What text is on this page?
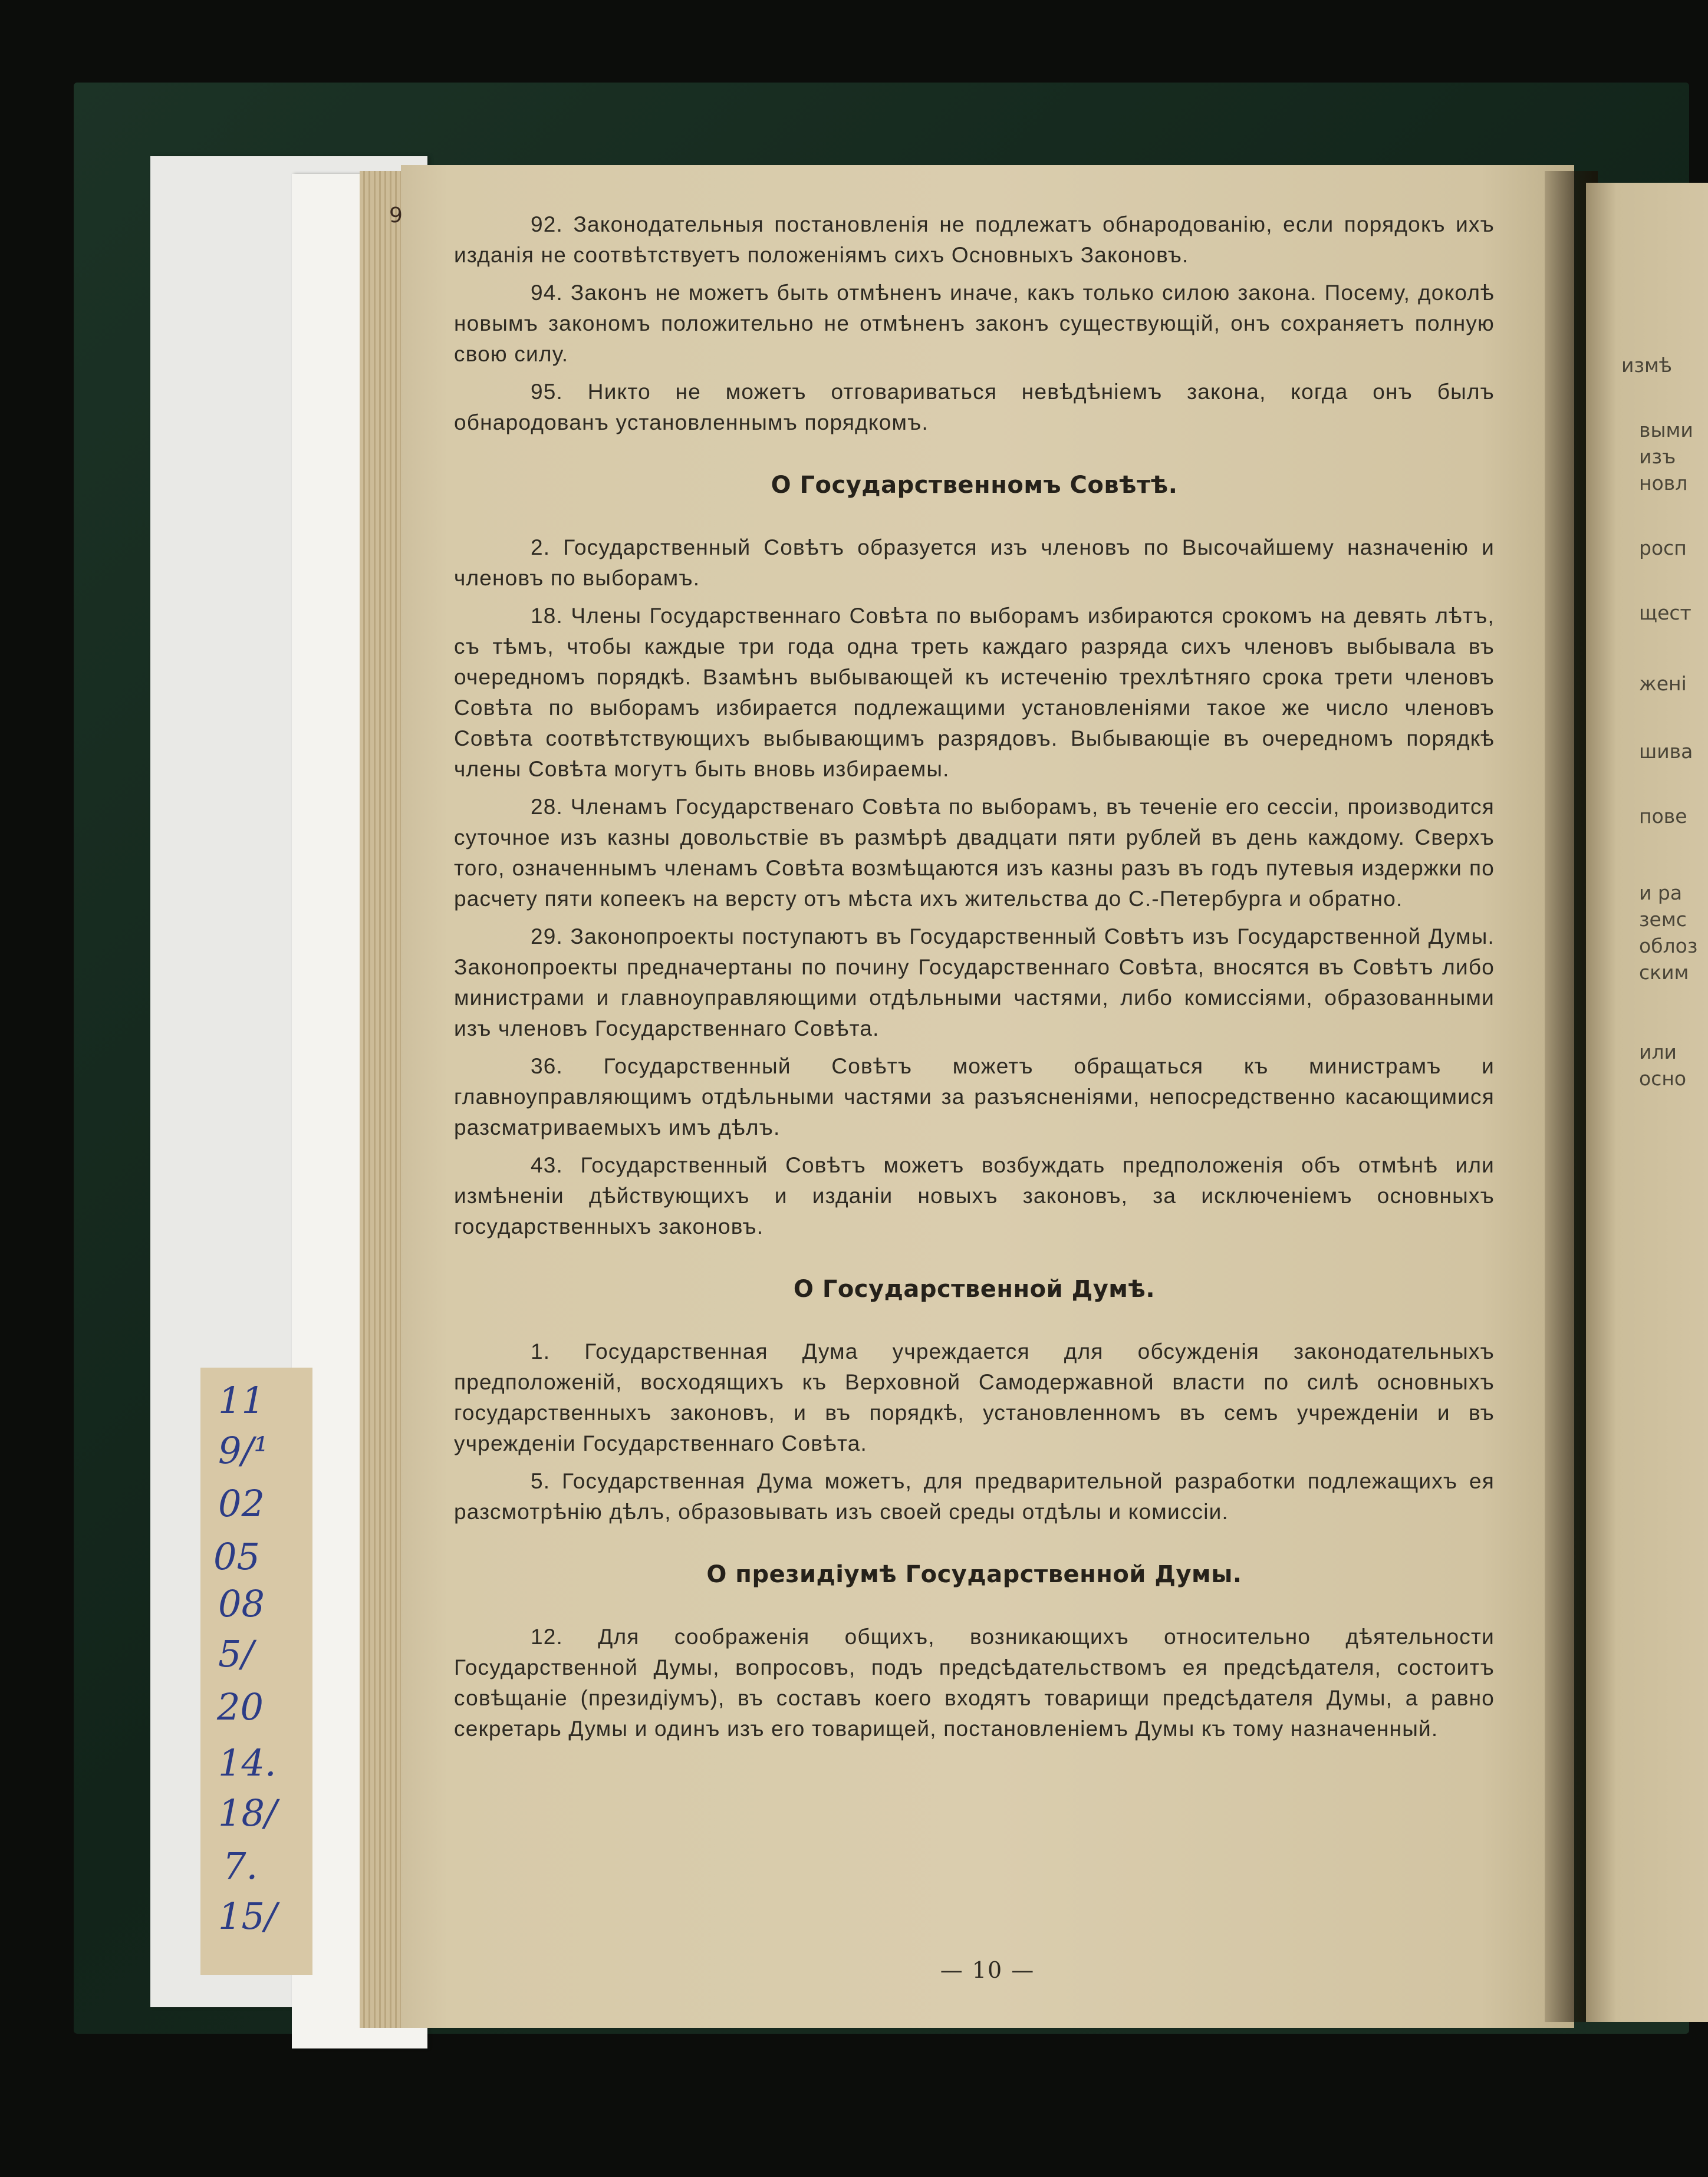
11
9/¹
02
05
08
5/
20
14.
18/
7.
15/
9	92. Законодательныя постановленія не подлежатъ обнародованію, если порядокъ ихъ изданія не соотвѣтствуетъ положеніямъ сихъ Основныхъ Законовъ.

94. Законъ не можетъ быть отмѣненъ иначе, какъ только силою закона. Посему, доколѣ новымъ закономъ положительно не отмѣненъ законъ существующій, онъ сохраняетъ полную свою силу.

95. Никто не можетъ отговариваться невѣдѣніемъ закона, когда онъ былъ обнародованъ установленнымъ порядкомъ.

О Государственномъ Совѣтѣ.

2. Государственный Совѣтъ образуется изъ членовъ по Высочайшему назначенію и членовъ по выборамъ.

18. Члены Государственнаго Совѣта по выборамъ избираются срокомъ на девять лѣтъ, съ тѣмъ, чтобы каждые три года одна треть каждаго разряда сихъ членовъ выбывала въ очередномъ порядкѣ. Взамѣнъ выбывающей къ истеченію трехлѣтняго срока трети членовъ Совѣта по выборамъ избирается подлежащими установленіями такое же число членовъ Совѣта соотвѣтствующихъ выбывающимъ разрядовъ. Выбывающіе въ очередномъ порядкѣ члены Совѣта могутъ быть вновь избираемы.

28. Членамъ Государственаго Совѣта по выборамъ, въ теченіе его сессіи, производится суточное изъ казны довольствіе въ размѣрѣ двадцати пяти рублей въ день каждому. Сверхъ того, означеннымъ членамъ Совѣта возмѣщаются изъ казны разъ въ годъ путевыя издержки по расчету пяти копеекъ на версту отъ мѣста ихъ жительства до С.-Петербурга и обратно.

29. Законопроекты поступаютъ въ Государственный Совѣтъ изъ Государственной Думы. Законопроекты предначертаны по почину Государственнаго Совѣта, вносятся въ Совѣтъ либо министрами и главноуправляющими отдѣльными частями, либо комиссіями, образованными изъ членовъ Государственнаго Совѣта.

36. Государственный Совѣтъ можетъ обращаться къ министрамъ и главноуправляющимъ отдѣльными частями за разъясненіями, непосредственно касающимися разсматриваемыхъ имъ дѣлъ.

43. Государственный Совѣтъ можетъ возбуждать предположенія объ отмѣнѣ или измѣненіи дѣйствующихъ и изданіи новыхъ законовъ, за исключеніемъ основныхъ государственныхъ законовъ.

О Государственной Думѣ.

1. Государственная Дума учреждается для обсужденія законодательныхъ предположеній, восходящихъ къ Верховной Самодержавной власти по силѣ основныхъ государственныхъ законовъ, и въ порядкѣ, установленномъ въ семъ учрежденіи и въ учрежденіи Государственнаго Совѣта.

5. Государственная Дума можетъ, для предварительной разработки подлежащихъ ея разсмотрѣнію дѣлъ, образовывать изъ своей среды отдѣлы и комиссіи.

О президіумѣ Государственной Думы.

12. Для соображенія общихъ, возникающихъ относительно дѣятельности Государственной Думы, вопросовъ, подъ предсѣдательствомъ ея предсѣдателя, состоитъ совѣщаніе (президіумъ), въ составъ коего входятъ товарищи предсѣдателя Думы, а равно секретарь Думы и одинъ изъ его товарищей, постановленіемъ Думы къ тому назначенный.

— 10 —
измѣ
выми
изъ
новл
росп
щест
жені
шива
пове
и ра
земс
облоз
ским
или
осно
